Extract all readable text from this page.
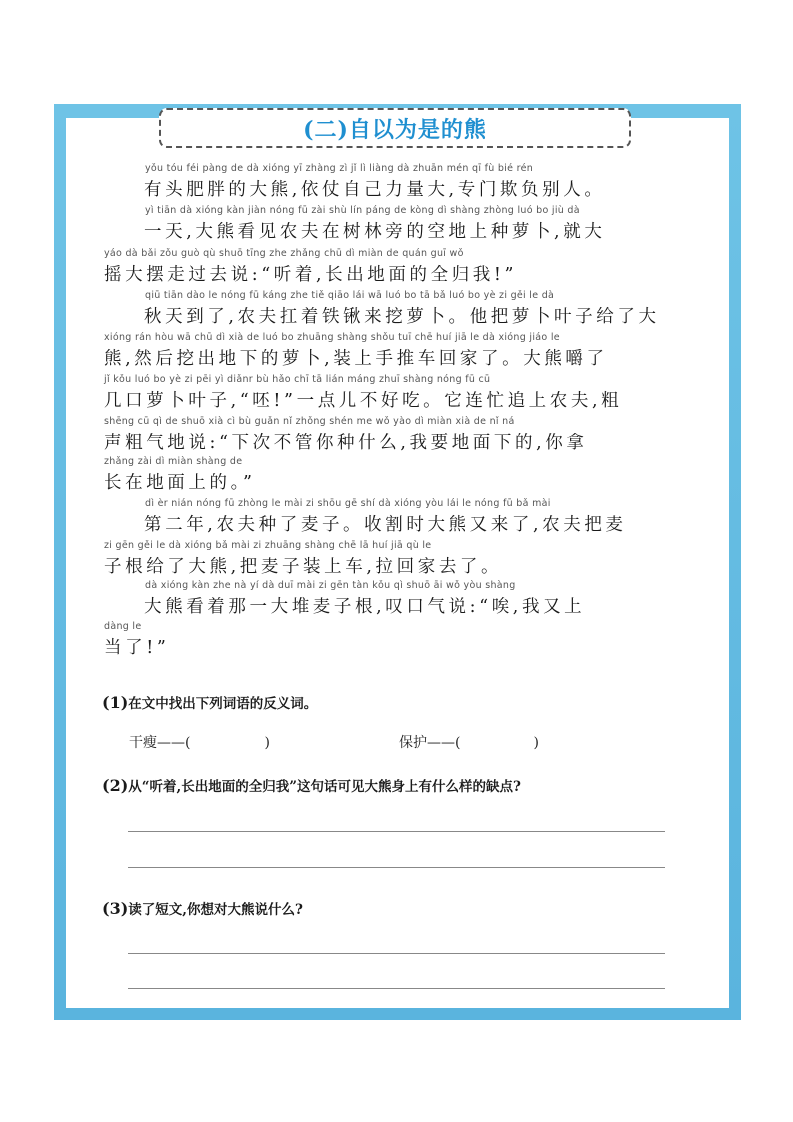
(二)自以为是的熊
yǒu tóu féi pàng de dà xióng yī zhàng zì jǐ lì liàng dà zhuān mén qī fù bié rén
有头肥胖的大熊,依仗自己力量大,专门欺负别人。
yì tiān dà xióng kàn jiàn nóng fū zài shù lín páng de kòng dì shàng zhòng luó bo jiù dà
一天,大熊看见农夫在树林旁的空地上种萝卜,就大
yáo dà bǎi zǒu guò qù shuō tīng zhe zhǎng chū dì miàn de quán guī wǒ
摇大摆走过去说:“听着,长出地面的全归我!”
qiū tiān dào le nóng fū káng zhe tiě qiāo lái wā luó bo tā bǎ luó bo yè zi gěi le dà
秋天到了,农夫扛着铁锹来挖萝卜。他把萝卜叶子给了大
xióng rán hòu wā chū dì xià de luó bo zhuāng shàng shǒu tuī chē huí jiā le dà xióng jiáo le
熊,然后挖出地下的萝卜,装上手推车回家了。大熊嚼了
jǐ kǒu luó bo yè zi pēi yì diǎnr bù hǎo chī tā lián máng zhuī shàng nóng fū cū
几口萝卜叶子,“呸!”一点儿不好吃。它连忙追上农夫,粗
shēng cū qì de shuō xià cì bù guǎn nǐ zhǒng shén me wǒ yào dì miàn xià de nǐ ná
声粗气地说:“下次不管你种什么,我要地面下的,你拿
zhǎng zài dì miàn shàng de
长在地面上的。”
dì èr nián nóng fū zhòng le mài zi shōu gē shí dà xióng yòu lái le nóng fū bǎ mài
第二年,农夫种了麦子。收割时大熊又来了,农夫把麦
zi gēn gěi le dà xióng bǎ mài zi zhuāng shàng chē lā huí jiā qù le
子根给了大熊,把麦子装上车,拉回家去了。
dà xióng kàn zhe nà yí dà duī mài zi gēn tàn kǒu qì shuō āi wǒ yòu shàng
大熊看着那一大堆麦子根,叹口气说:“唉,我又上
dàng le
当了!”
(1)在文中找出下列词语的反义词。
干瘦——(	)	保护——(	)
(2)从“听着,长出地面的全归我”这句话可见大熊身上有什么样的缺点?
(3)读了短文,你想对大熊说什么?
